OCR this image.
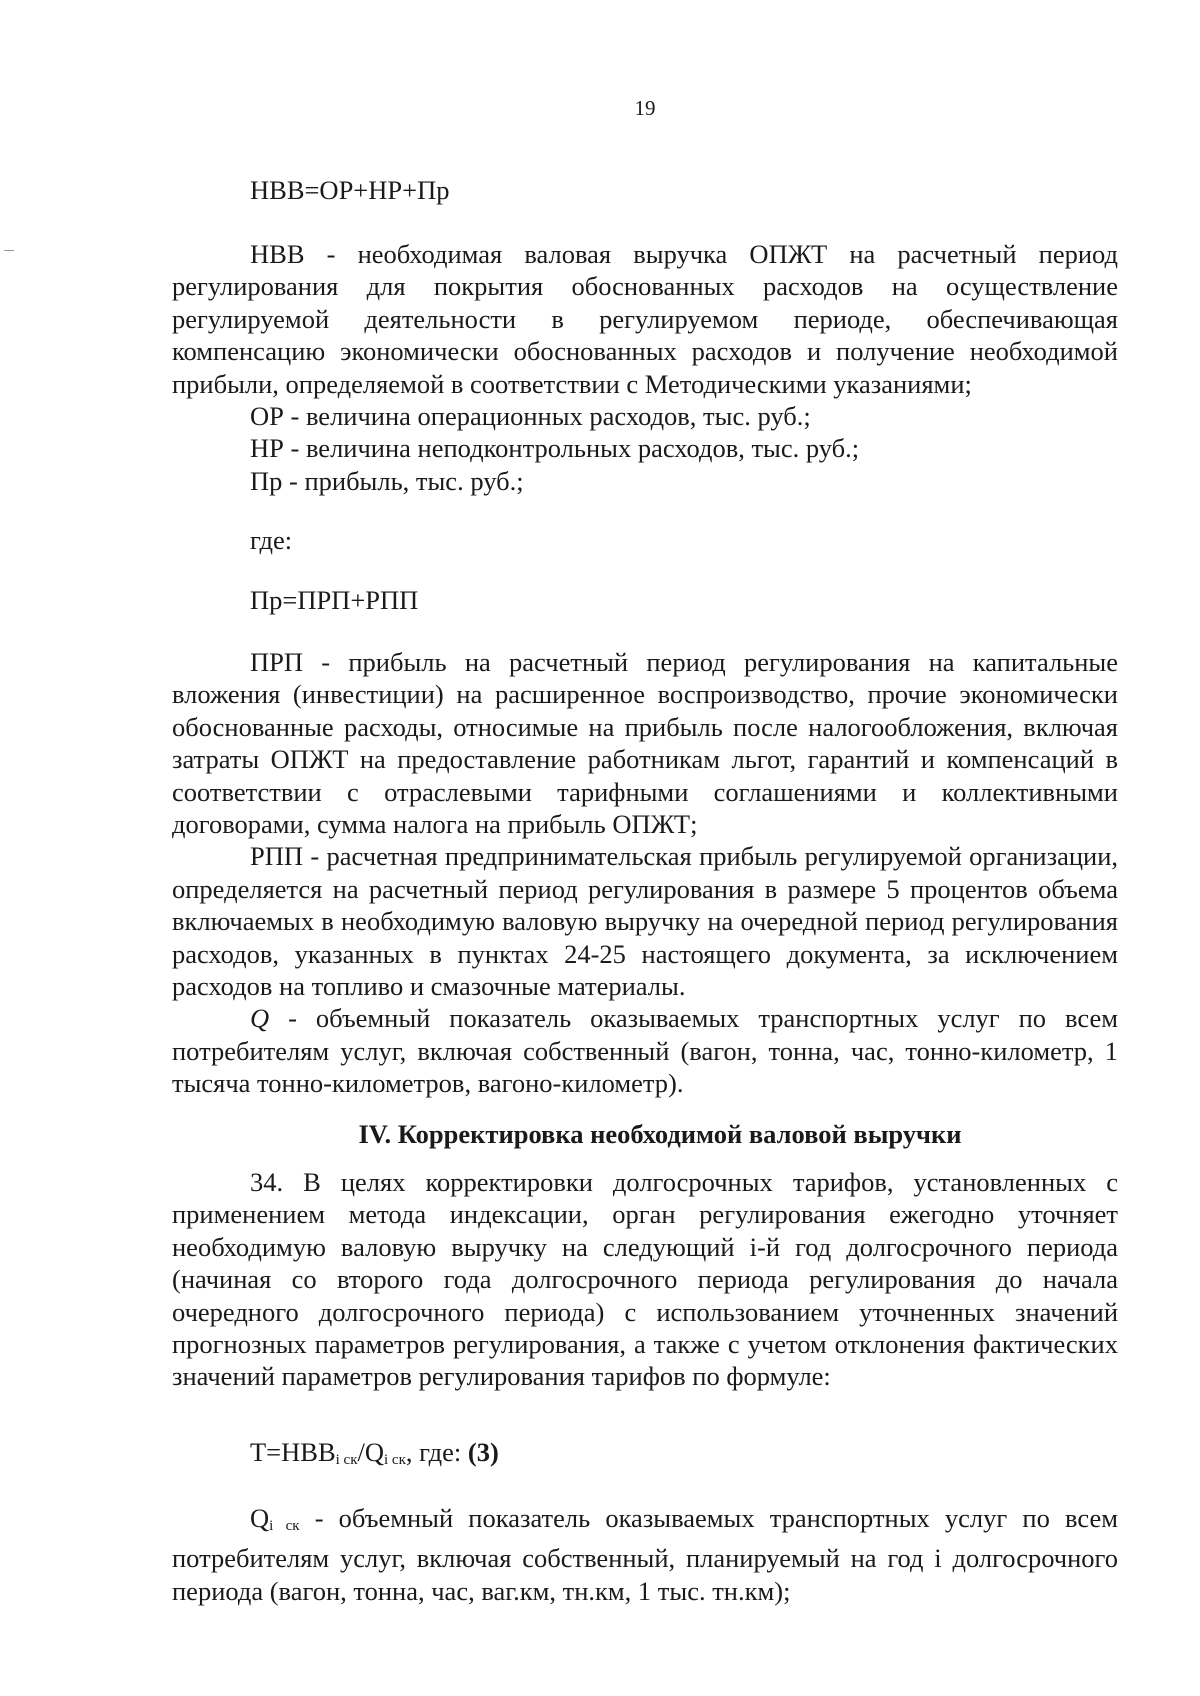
19
НВВ=ОР+НР+Пр

НВВ - необходимая валовая выручка ОПЖТ на расчетный период регулирования для покрытия обоснованных расходов на осуществление регулируемой деятельности в регулируемом периоде, обеспечивающая компенсацию экономически обоснованных расходов и получение необходимой прибыли, определяемой в соответствии с Методическими указаниями;

ОР - величина операционных расходов, тыс. руб.;

НР - величина неподконтрольных расходов, тыс. руб.;

Пр - прибыль, тыс. руб.;

где:
Пр=ПРП+РПП

ПРП - прибыль на расчетный период регулирования на капитальные вложения (инвестиции) на расширенное воспроизводство, прочие экономически обоснованные расходы, относимые на прибыль после налогообложения, включая затраты ОПЖТ на предоставление работникам льгот, гарантий и компенсаций в соответствии с отраслевыми тарифными соглашениями и коллективными договорами, сумма налога на прибыль ОПЖТ;

РПП - расчетная предпринимательская прибыль регулируемой организации, определяется на расчетный период регулирования в размере 5 процентов объема включаемых в необходимую валовую выручку на очередной период регулирования расходов, указанных в пунктах 24-25 настоящего документа, за исключением расходов на топливо и смазочные материалы.

Q - объемный показатель оказываемых транспортных услуг по всем потребителям услуг, включая собственный (вагон, тонна, час, тонно-километр, 1 тысяча тонно-километров, вагоно-километр).

IV. Корректировка необходимой валовой выручки

34. В целях корректировки долгосрочных тарифов, установленных с применением метода индексации, орган регулирования ежегодно уточняет необходимую валовую выручку на следующий i-й год долгосрочного периода (начиная со второго года долгосрочного периода регулирования до начала очередного долгосрочного периода) с использованием уточненных значений прогнозных параметров регулирования, а также с учетом отклонения фактических значений параметров регулирования тарифов по формуле:

$Т=НВВ_{i ск}/Q_{i ск}$, где: (3)

$Q_{i ск}$ - объемный показатель оказываемых транспортных услуг по всем потребителям услуг, включая собственный, планируемый на год i долгосрочного периода (вагон, тонна, час, ваг.км, тн.км, 1 тыс. тн.км);
